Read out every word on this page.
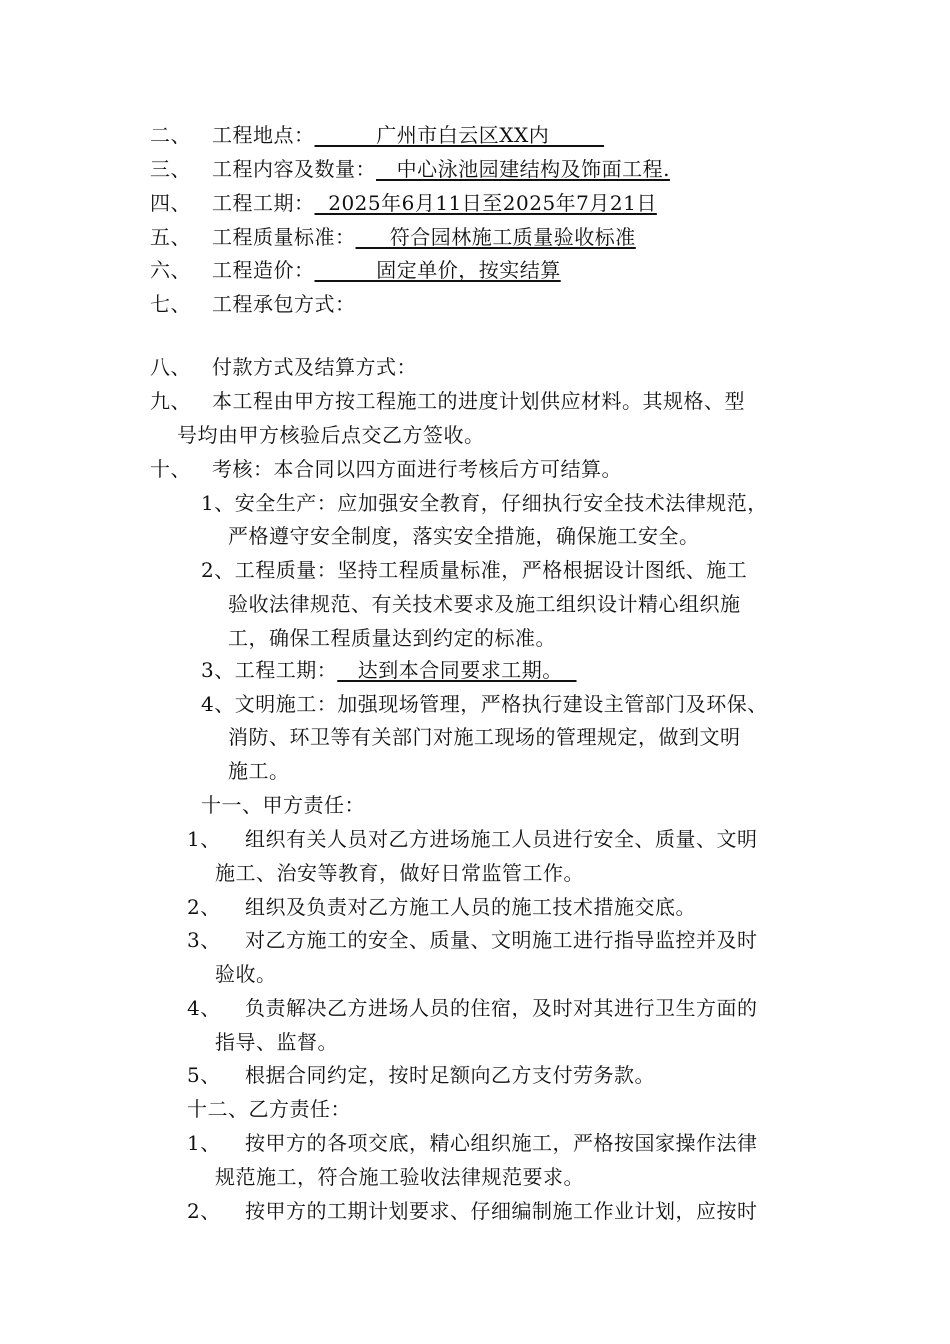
二、 工程地点：         广州市白云区XX内
三、 工程内容及数量：   中心泳池园建结构及饰面工程.
四、 工程工期：  2025年6月11日至2025年7月21日
五、 工程质量标准：     符合园林施工质量验收标准
六、 工程造价：         固定单价，按实结算
七、 工程承包方式：
八、 付款方式及结算方式：
九、 本工程由甲方按工程施工的进度计划供应材料。其规格、型
号均由甲方核验后点交乙方签收。
十、 考核：本合同以四方面进行考核后方可结算。
1、安全生产：应加强安全教育，仔细执行安全技术法律规范，
严格遵守安全制度，落实安全措施，确保施工安全。
2、工程质量：坚持工程质量标准，严格根据设计图纸、施工
验收法律规范、有关技术要求及施工组织设计精心组织施
工，确保工程质量达到约定的标准。
3、工程工期：   达到本合同要求工期。
4、文明施工：加强现场管理，严格执行建设主管部门及环保、
消防、环卫等有关部门对施工现场的管理规定，做到文明
施工。
十一、甲方责任：
1、 组织有关人员对乙方进场施工人员进行安全、质量、文明
施工、治安等教育，做好日常监管工作。
2、 组织及负责对乙方施工人员的施工技术措施交底。
3、 对乙方施工的安全、质量、文明施工进行指导监控并及时
验收。
4、 负责解决乙方进场人员的住宿，及时对其进行卫生方面的
指导、监督。
5、 根据合同约定，按时足额向乙方支付劳务款。
十二、乙方责任：
1、 按甲方的各项交底，精心组织施工，严格按国家操作法律
规范施工，符合施工验收法律规范要求。
2、 按甲方的工期计划要求、仔细编制施工作业计划，应按时
